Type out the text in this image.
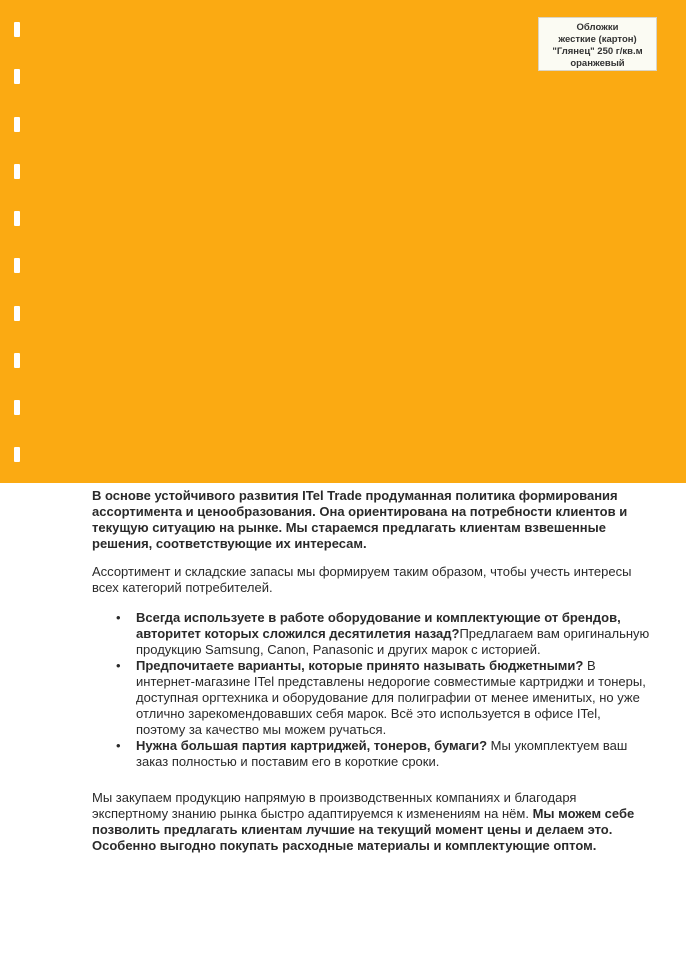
Обложки
жесткие (картон)
"Глянец" 250 г/кв.м
оранжевый

В основе устойчивого развития ITel Trade продуманная политика формирования ассортимента и ценообразования. Она ориентирована на потребности клиентов и текущую ситуацию на рынке. Мы стараемся предлагать клиентам взвешенные решения, соответствующие их интересам.

Ассортимент и складские запасы мы формируем таким образом, чтобы учесть интересы всех категорий потребителей.

• Всегда используете в работе оборудование и комплектующие от брендов, авторитет которых сложился десятилетия назад?Предлагаем вам оригинальную продукцию Samsung, Canon, Panasonic и других марок с историей.
• Предпочитаете варианты, которые принято называть бюджетными? В интернет-магазине ITel представлены недорогие совместимые картриджи и тонеры, доступная оргтехника и оборудование для полиграфии от менее именитых, но уже отлично зарекомендовавших себя марок. Всё это используется в офисе ITel, поэтому за качество мы можем ручаться.
• Нужна большая партия картриджей, тонеров, бумаги? Мы укомплектуем ваш заказ полностью и поставим его в короткие сроки.

Мы закупаем продукцию напрямую в производственных компаниях и благодаря экспертному знанию рынка быстро адаптируемся к изменениям на нём. Мы можем себе позволить предлагать клиентам лучшие на текущий момент цены и делаем это. Особенно выгодно покупать расходные материалы и комплектующие оптом.
